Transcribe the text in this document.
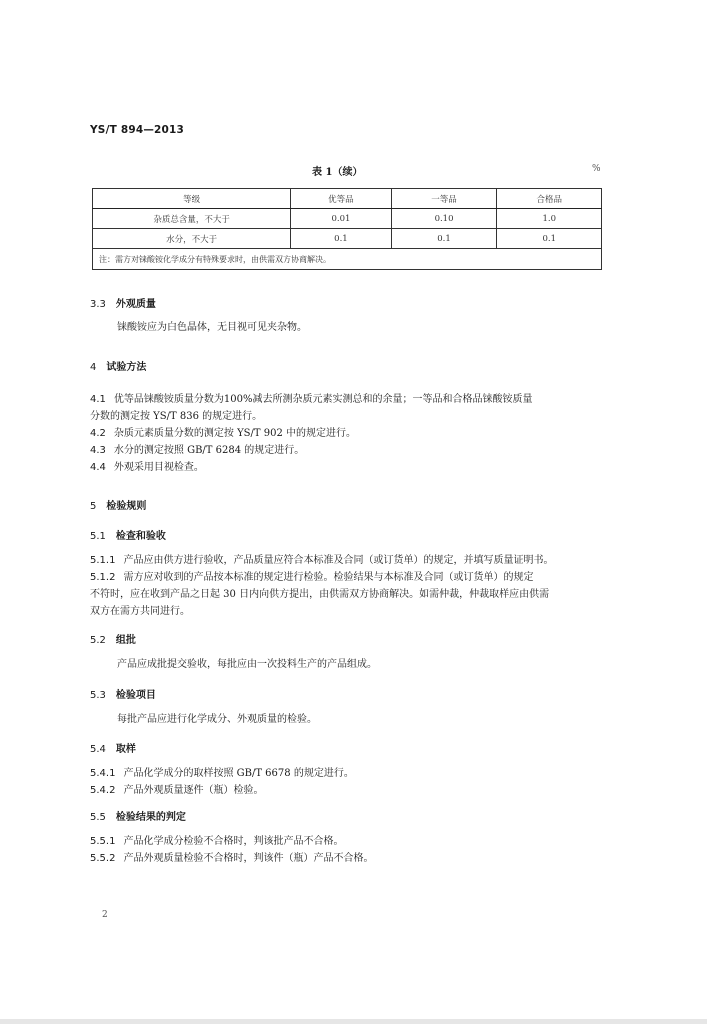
YS/T 894—2013
表 1（续）	%
等级	优等品	一等品	合格品
杂质总含量，不大于	0.01	0.10	1.0
水分，不大于	0.1	0.1	0.1
注：需方对铼酸铵化学成分有特殊要求时，由供需双方协商解决。			
3.3 外观质量
铼酸铵应为白色晶体，无目视可见夹杂物。
4 试验方法
4.1 优等品铼酸铵质量分数为100%减去所测杂质元素实测总和的余量；一等品和合格品铼酸铵质量
分数的测定按 YS/T 836 的规定进行。
4.2 杂质元素质量分数的测定按 YS/T 902 中的规定进行。
4.3 水分的测定按照 GB/T 6284 的规定进行。
4.4 外观采用目视检查。
5 检验规则
5.1 检查和验收
5.1.1 产品应由供方进行验收，产品质量应符合本标准及合同（或订货单）的规定，并填写质量证明书。
5.1.2 需方应对收到的产品按本标准的规定进行检验。检验结果与本标准及合同（或订货单）的规定
不符时，应在收到产品之日起 30 日内向供方提出，由供需双方协商解决。如需仲裁，仲裁取样应由供需
双方在需方共同进行。
5.2 组批
产品应成批提交验收，每批应由一次投料生产的产品组成。
5.3 检验项目
每批产品应进行化学成分、外观质量的检验。
5.4 取样
5.4.1 产品化学成分的取样按照 GB/T 6678 的规定进行。
5.4.2 产品外观质量逐件（瓶）检验。
5.5 检验结果的判定
5.5.1 产品化学成分检验不合格时，判该批产品不合格。
5.5.2 产品外观质量检验不合格时，判该件（瓶）产品不合格。
2
